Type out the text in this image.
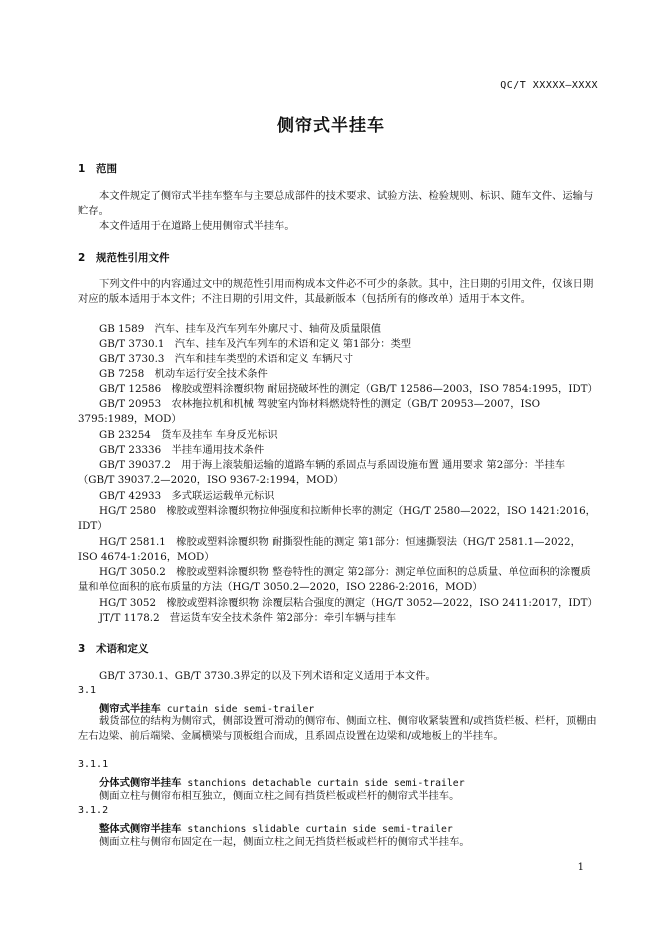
QC/T XXXXX—XXXX
侧帘式半挂车
1 范围
本文件规定了侧帘式半挂车整车与主要总成部件的技术要求、试验方法、检验规则、标识、随车文件、运输与贮存。
本文件适用于在道路上使用侧帘式半挂车。
2 规范性引用文件
下列文件中的内容通过文中的规范性引用而构成本文件必不可少的条款。其中，注日期的引用文件，仅该日期对应的版本适用于本文件；不注日期的引用文件，其最新版本（包括所有的修改单）适用于本文件。
GB 1589　汽车、挂车及汽车列车外廓尺寸、轴荷及质量限值
GB/T 3730.1　汽车、挂车及汽车列车的术语和定义 第1部分：类型
GB/T 3730.3　汽车和挂车类型的术语和定义 车辆尺寸
GB 7258　机动车运行安全技术条件
GB/T 12586　橡胶或塑料涂覆织物 耐屈挠破坏性的测定（GB/T 12586—2003，ISO 7854:1995，IDT）
GB/T 20953　农林拖拉机和机械 驾驶室内饰材料燃烧特性的测定（GB/T 20953—2007，ISO 3795:1989，MOD）
GB 23254　货车及挂车 车身反光标识
GB/T 23336　半挂车通用技术条件
GB/T 39037.2　用于海上滚装船运输的道路车辆的系固点与系固设施布置 通用要求 第2部分：半挂车（GB/T 39037.2—2020，ISO 9367-2:1994，MOD）
GB/T 42933　多式联运运载单元标识
HG/T 2580　橡胶或塑料涂覆织物拉伸强度和拉断伸长率的测定（HG/T 2580—2022，ISO 1421:2016，IDT）
HG/T 2581.1　橡胶或塑料涂覆织物 耐撕裂性能的测定 第1部分：恒速撕裂法（HG/T 2581.1—2022，ISO 4674-1:2016，MOD）
HG/T 3050.2　橡胶或塑料涂覆织物 整卷特性的测定 第2部分：测定单位面积的总质量、单位面积的涂覆质量和单位面积的底布质量的方法（HG/T 3050.2—2020，ISO 2286-2:2016，MOD）
HG/T 3052　橡胶或塑料涂覆织物 涂覆层粘合强度的测定（HG/T 3052—2022，ISO 2411:2017，IDT）
JT/T 1178.2　营运货车安全技术条件 第2部分：牵引车辆与挂车
3 术语和定义
GB/T 3730.1、GB/T 3730.3界定的以及下列术语和定义适用于本文件。
3.1
侧帘式半挂车 curtain side semi-trailer
载货部位的结构为侧帘式，侧部设置可滑动的侧帘布、侧面立柱、侧帘收紧装置和/或挡货栏板、栏杆，顶棚由左右边梁、前后端梁、金属横梁与顶板组合而成，且系固点设置在边梁和/或地板上的半挂车。
3.1.1
分体式侧帘半挂车 stanchions detachable curtain side semi-trailer
侧面立柱与侧帘布相互独立，侧面立柱之间有挡货栏板或栏杆的侧帘式半挂车。
3.1.2
整体式侧帘半挂车 stanchions slidable curtain side semi-trailer
侧面立柱与侧帘布固定在一起，侧面立柱之间无挡货栏板或栏杆的侧帘式半挂车。
1
